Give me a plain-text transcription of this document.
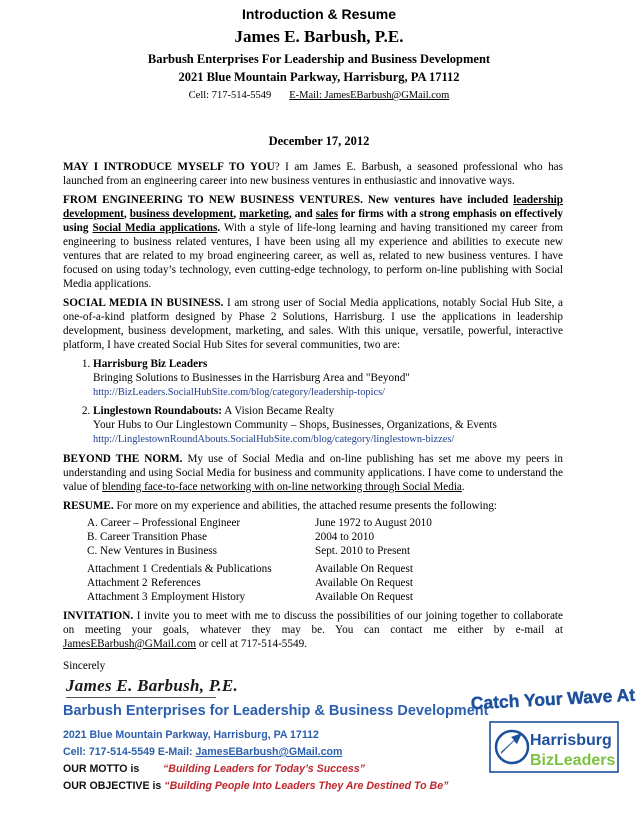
Introduction & Resume
James E. Barbush, P.E.
Barbush Enterprises For Leadership and Business Development
2021 Blue Mountain Parkway, Harrisburg, PA 17112
Cell: 717-514-5549 E-Mail: JamesEBarbush@GMail.com
December 17, 2012

MAY I INTRODUCE MYSELF TO YOU? I am James E. Barbush, a seasoned professional who has launched from an engineering career into new business ventures in enthusiastic and innovative ways.

FROM ENGINEERING TO NEW BUSINESS VENTURES. New ventures have included leadership development, business development, marketing, and sales for firms with a strong emphasis on effectively using Social Media applications. With a style of life-long learning and having transitioned my career from engineering to business related ventures, I have been using all my experience and abilities to execute new ventures that are related to my broad engineering career, as well as, related to new business ventures. I have focused on using today’s technology, even cutting-edge technology, to perform on-line publishing with Social Media applications.

SOCIAL MEDIA IN BUSINESS. I am strong user of Social Media applications, notably Social Hub Site, a one-of-a-kind platform designed by Phase 2 Solutions, Harrisburg. I use the applications in leadership development, business development, marketing, and sales. With this unique, versatile, powerful, interactive platform, I have created Social Hub Sites for several communities, two are:

1. Harrisburg Biz Leaders
Bringing Solutions to Businesses in the Harrisburg Area and "Beyond"
http://BizLeaders.SocialHubSite.com/blog/category/leadership-topics/
2. Linglestown Roundabouts: A Vision Became Realty
Your Hubs to Our Linglestown Community – Shops, Businesses, Organizations, & Events
http://LinglestownRoundAbouts.SocialHubSite.com/blog/category/linglestown-bizzes/

BEYOND THE NORM. My use of Social Media and on-line publishing has set me above my peers in understanding and using Social Media for business and community applications. I have come to understand the value of blending face-to-face networking with on-line networking through Social Media.

RESUME. For more on my experience and abilities, the attached resume presents the following:

A. Career – Professional Engineer	June 1972 to August 2010
B. Career Transition Phase	2004 to 2010
C. New Ventures in Business	Sept. 2010 to Present
Attachment 1 Credentials & Publications	Available On Request
Attachment 2 References	Available On Request
Attachment 3 Employment History	Available On Request

INVITATION. I invite you to meet with me to discuss the possibilities of our joining together to collaborate on meeting your goals, whatever they may be. You can contact me either by e-mail at JamesEBarbush@GMail.com or cell at 717-514-5549.

Sincerely
James E. Barbush, P.E.
Barbush Enterprises for Leadership & Business Development
2021 Blue Mountain Parkway, Harrisburg, PA 17112
Cell: 717-514-5549 E-Mail: JamesEBarbush@GMail.com
OUR MOTTO is “Building Leaders for Today’s Success”
OUR OBJECTIVE is “Building People Into Leaders They Are Destined To Be”
Catch Your Wave At
Harrisburg
BizLeaders
